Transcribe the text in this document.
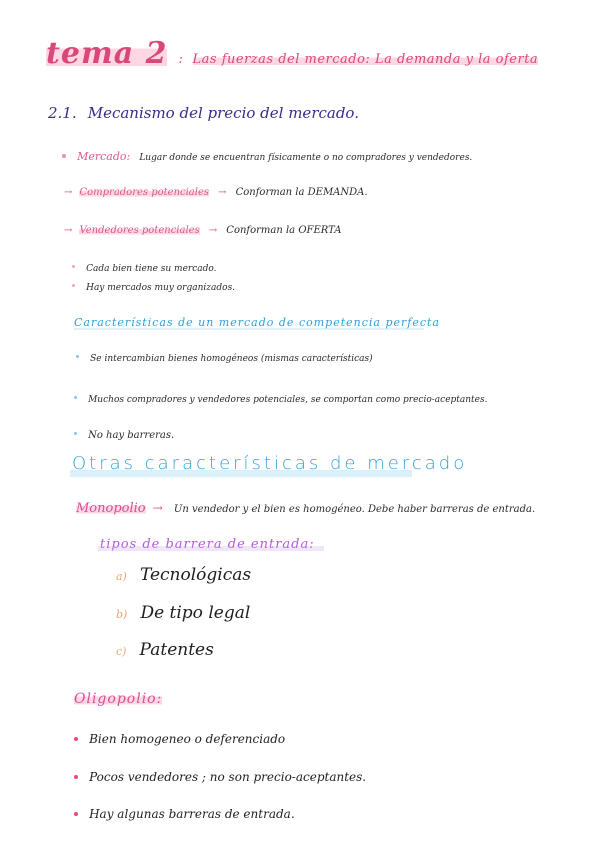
tema 2 : Las fuerzas del mercado: La demanda y la oferta
2.1. Mecanismo del precio del mercado.
Mercado: Lugar donde se encuentran físicamente o no compradores y vendedores.
→ Compradores potenciales → Conforman la DEMANDA.
→ Vendedores potenciales → Conforman la OFERTA
Cada bien tiene su mercado.
Hay mercados muy organizados.
Características de un mercado de competencia perfecta
Se intercambian bienes homogéneos (mismas características)
Muchos compradores y vendedores potenciales, se comportan como precio-aceptantes.
No hay barreras.
Otras características de mercado
Monopolio → Un vendedor y el bien es homogéneo. Debe haber barreras de entrada.
tipos de barrera de entrada:
a) Tecnológicas
b) De tipo legal
c) Patentes
Oligopolio:
Bien homogeneo o deferenciado
Pocos vendedores ; no son precio-aceptantes.
Hay algunas barreras de entrada.
